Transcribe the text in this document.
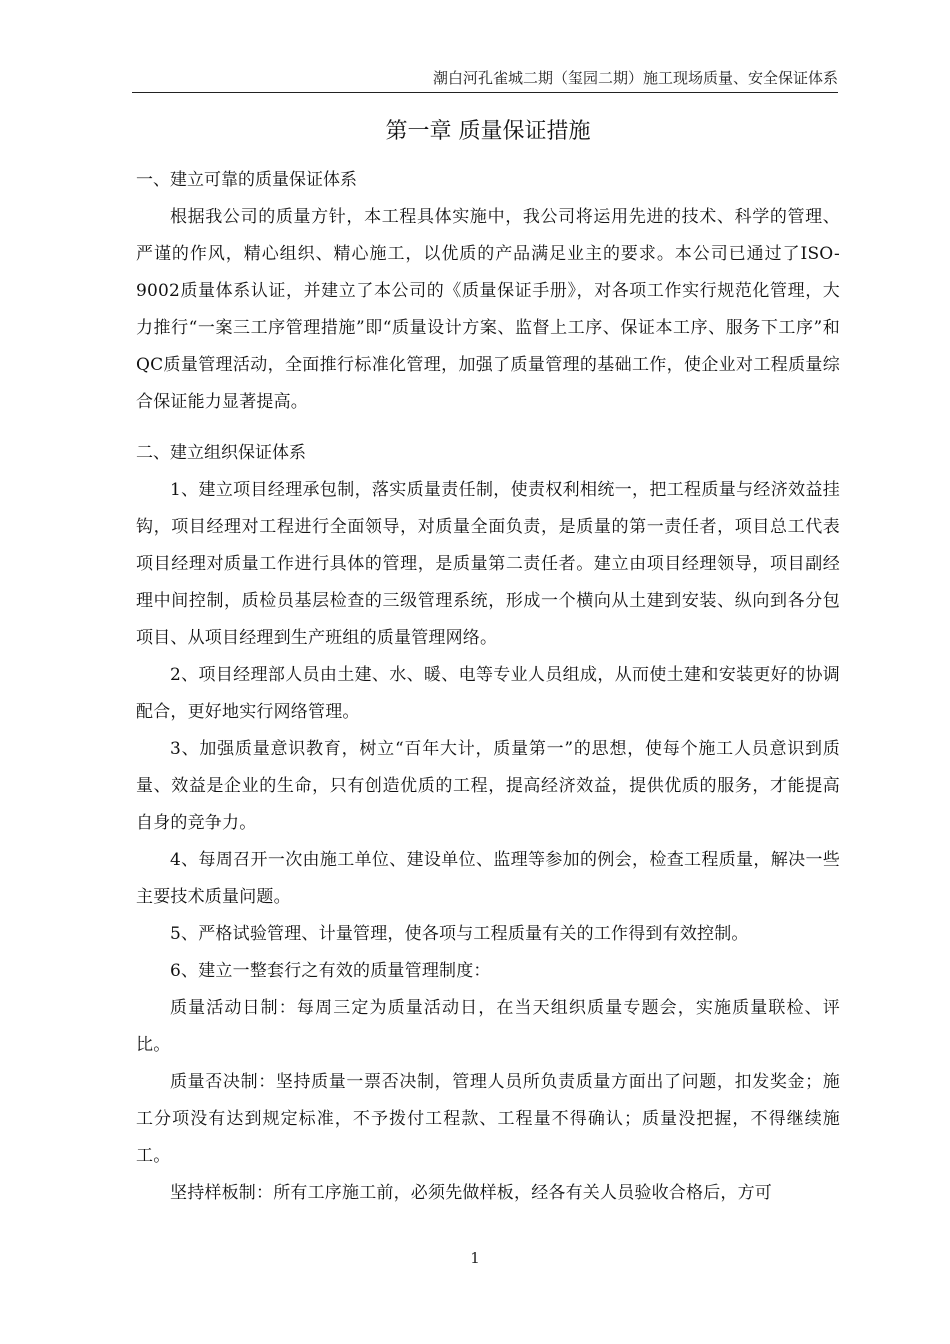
潮白河孔雀城二期（玺园二期）施工现场质量、安全保证体系
第一章 质量保证措施
一、建立可靠的质量保证体系

根据我公司的质量方针，本工程具体实施中，我公司将运用先进的技术、科学的管理、严谨的作风，精心组织、精心施工，以优质的产品满足业主的要求。本公司已通过了ISO-9002质量体系认证，并建立了本公司的《质量保证手册》，对各项工作实行规范化管理，大力推行“一案三工序管理措施”即“质量设计方案、监督上工序、保证本工序、服务下工序”和QC质量管理活动，全面推行标准化管理，加强了质量管理的基础工作，使企业对工程质量综合保证能力显著提高。

二、建立组织保证体系

1、建立项目经理承包制，落实质量责任制，使责权利相统一，把工程质量与经济效益挂钩，项目经理对工程进行全面领导，对质量全面负责，是质量的第一责任者，项目总工代表项目经理对质量工作进行具体的管理，是质量第二责任者。建立由项目经理领导，项目副经理中间控制，质检员基层检查的三级管理系统，形成一个横向从土建到安装、纵向到各分包项目、从项目经理到生产班组的质量管理网络。

2、项目经理部人员由土建、水、暖、电等专业人员组成，从而使土建和安装更好的协调配合，更好地实行网络管理。

3、加强质量意识教育，树立“百年大计，质量第一”的思想，使每个施工人员意识到质量、效益是企业的生命，只有创造优质的工程，提高经济效益，提供优质的服务，才能提高自身的竞争力。

4、每周召开一次由施工单位、建设单位、监理等参加的例会，检查工程质量，解决一些主要技术质量问题。

5、严格试验管理、计量管理，使各项与工程质量有关的工作得到有效控制。

6、建立一整套行之有效的质量管理制度：

质量活动日制：每周三定为质量活动日，在当天组织质量专题会，实施质量联检、评比。

质量否决制：坚持质量一票否决制，管理人员所负责质量方面出了问题，扣发奖金；施工分项没有达到规定标准，不予拨付工程款、工程量不得确认；质量没把握，不得继续施工。

坚持样板制：所有工序施工前，必须先做样板，经各有关人员验收合格后，方可

1
